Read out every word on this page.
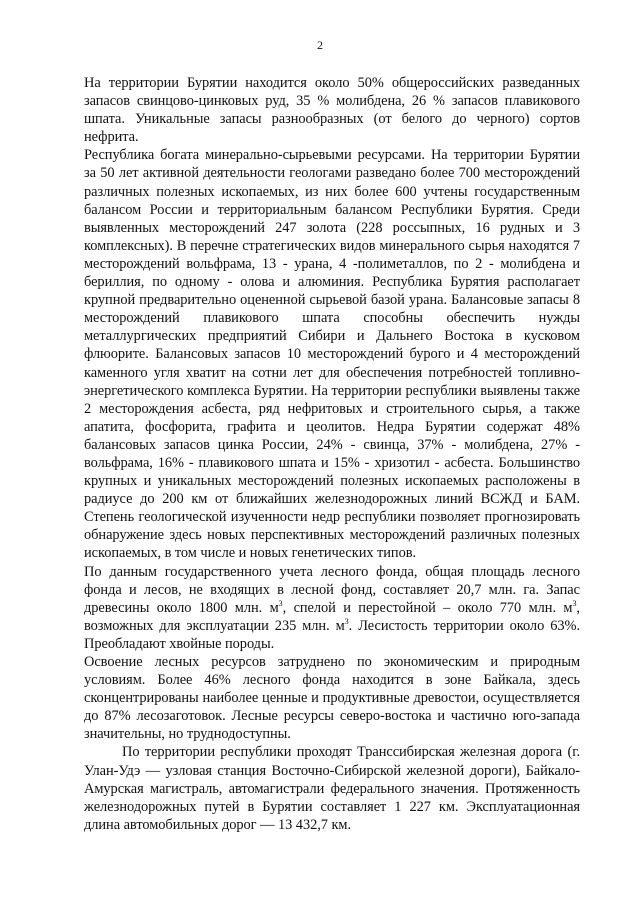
2

На территории Бурятии находится около 50% общероссийских разведанных запасов свинцово-цинковых руд, 35 % молибдена, 26 % запасов плавикового шпата. Уникальные запасы разнообразных (от белого до черного) сортов нефрита.

Республика богата минерально-сырьевыми ресурсами. На территории Бурятии за 50 лет активной деятельности геологами разведано более 700 месторождений различных полезных ископаемых, из них более 600 учтены государственным балансом России и территориальным балансом Республики Бурятия. Среди выявленных месторождений 247 золота (228 россыпных, 16 рудных и 3 комплексных). В перечне стратегических видов минерального сырья находятся 7 месторождений вольфрама, 13 - урана, 4 -полиметаллов, по 2 - молибдена и бериллия, по одному - олова и алюминия. Республика Бурятия располагает крупной предварительно оцененной сырьевой базой урана. Балансовые запасы 8 месторождений плавикового шпата способны обеспечить нужды металлургических предприятий Сибири и Дальнего Востока в кусковом флюорите. Балансовых запасов 10 месторождений бурого и 4 месторождений каменного угля хватит на сотни лет для обеспечения потребностей топливно-энергетического комплекса Бурятии. На территории республики выявлены также 2 месторождения асбеста, ряд нефритовых и строительного сырья, а также апатита, фосфорита, графита и цеолитов. Недра Бурятии содержат 48% балансовых запасов цинка России, 24% - свинца, 37% - молибдена, 27% - вольфрама, 16% - плавикового шпата и 15% - хризотил - асбеста. Большинство крупных и уникальных месторождений полезных ископаемых расположены в радиусе до 200 км от ближайших железнодорожных линий ВСЖД и БАМ. Степень геологической изученности недр республики позволяет прогнозировать обнаружение здесь новых перспективных месторождений различных полезных ископаемых, в том числе и новых генетических типов.

По данным государственного учета лесного фонда, общая площадь лесного фонда и лесов, не входящих в лесной фонд, составляет 20,7 млн. га. Запас древесины около 1800 млн. $м^3$, спелой и перестойной – около 770 млн. $м^3$, возможных для эксплуатации 235 млн. $м^3$. Лесистость территории около 63%. Преобладают хвойные породы.

Освоение лесных ресурсов затруднено по экономическим и природным условиям. Более 46% лесного фонда находится в зоне Байкала, здесь сконцентрированы наиболее ценные и продуктивные древостои, осуществляется до 87% лесозаготовок. Лесные ресурсы северо-востока и частично юго-запада значительны, но труднодоступны.

По территории республики проходят Транссибирская железная дорога (г. Улан-Удэ — узловая станция Восточно-Сибирской железной дороги), Байкало-Амурская магистраль, автомагистрали федерального значения. Протяженность железнодорожных путей в Бурятии составляет 1 227 км. Эксплуатационная длина автомобильных дорог — 13 432,7 км.
